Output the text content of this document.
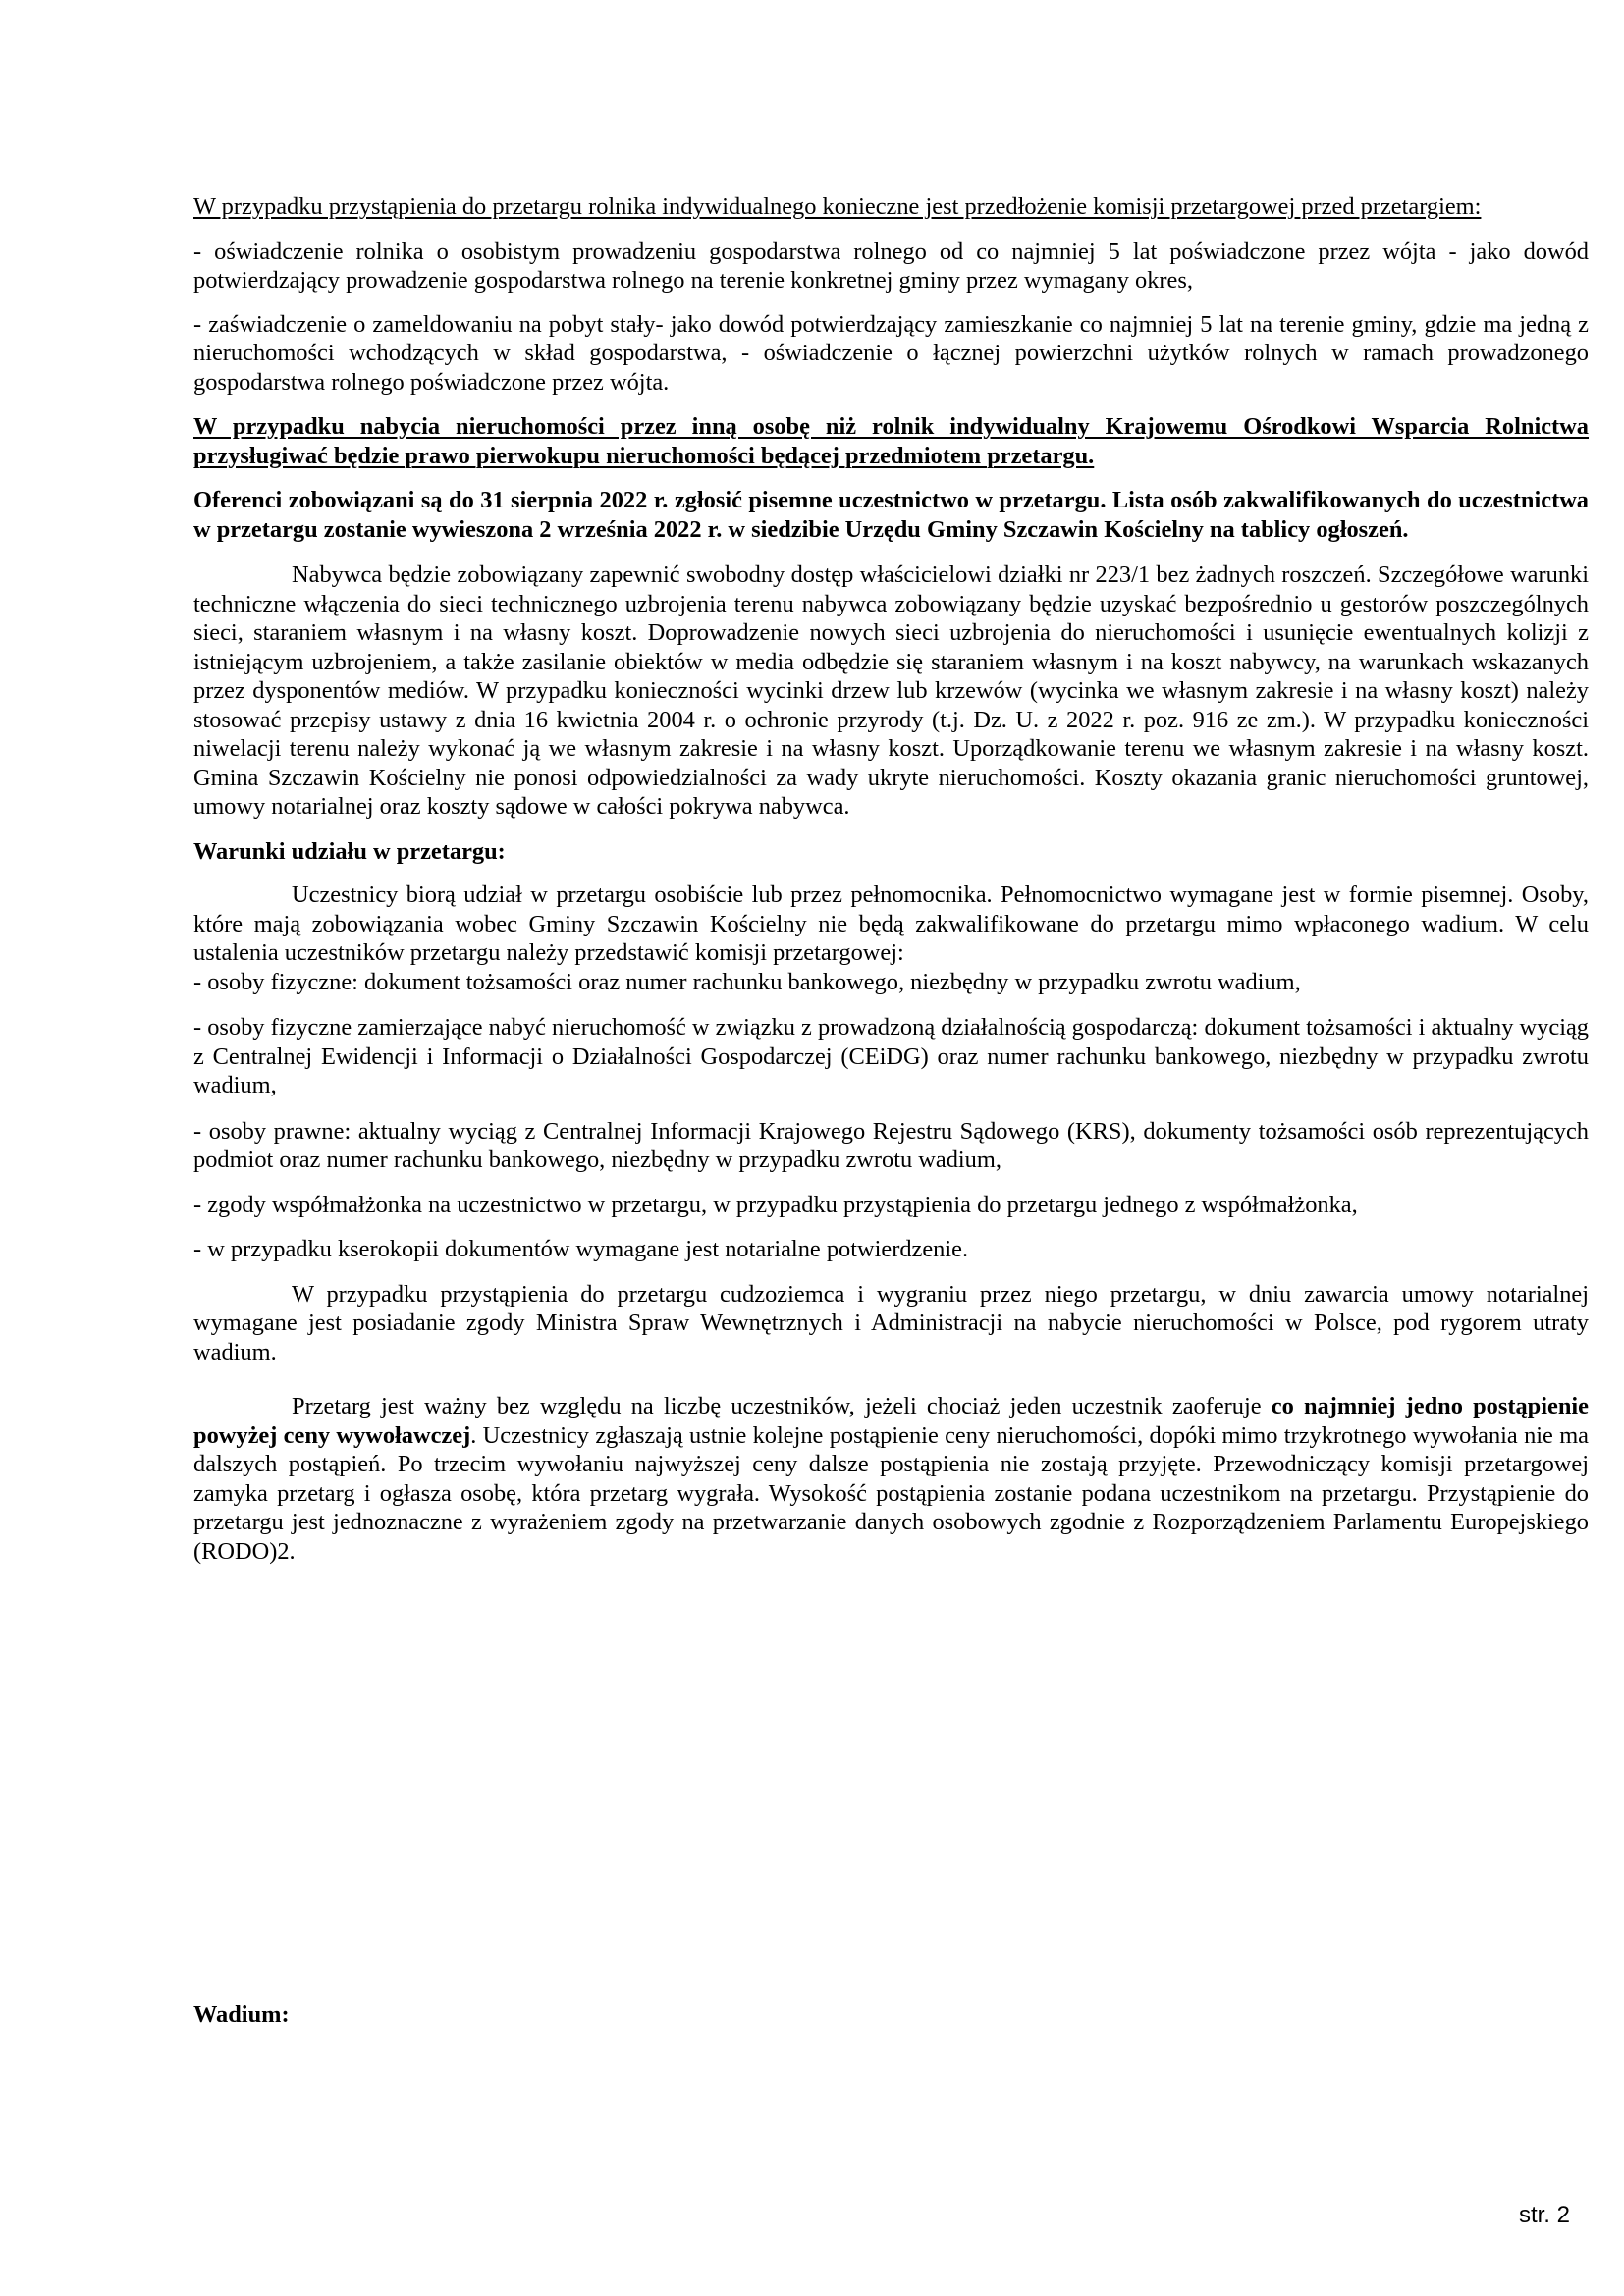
W przypadku przystąpienia do przetargu rolnika indywidualnego konieczne jest przedłożenie komisji przetargowej przed przetargiem:

- oświadczenie rolnika o osobistym prowadzeniu gospodarstwa rolnego od co najmniej 5 lat poświadczone przez wójta - jako dowód potwierdzający prowadzenie gospodarstwa rolnego na terenie konkretnej gminy przez wymagany okres,

- zaświadczenie o zameldowaniu na pobyt stały- jako dowód potwierdzający zamieszkanie co najmniej 5 lat na terenie gminy, gdzie ma jedną z nieruchomości wchodzących w skład gospodarstwa, - oświadczenie o łącznej powierzchni użytków rolnych w ramach prowadzonego gospodarstwa rolnego poświadczone przez wójta.

W przypadku nabycia nieruchomości przez inną osobę niż rolnik indywidualny Krajowemu Ośrodkowi Wsparcia Rolnictwa przysługiwać będzie prawo pierwokupu nieruchomości będącej przedmiotem przetargu.

Oferenci zobowiązani są do 31 sierpnia 2022 r. zgłosić pisemne uczestnictwo w przetargu. Lista osób zakwalifikowanych do uczestnictwa w przetargu zostanie wywieszona 2 września 2022 r. w siedzibie Urzędu Gminy Szczawin Kościelny na tablicy ogłoszeń.

Nabywca będzie zobowiązany zapewnić swobodny dostęp właścicielowi działki nr 223/1 bez żadnych roszczeń. Szczegółowe warunki techniczne włączenia do sieci technicznego uzbrojenia terenu nabywca zobowiązany będzie uzyskać bezpośrednio u gestorów poszczególnych sieci, staraniem własnym i na własny koszt. Doprowadzenie nowych sieci uzbrojenia do nieruchomości i usunięcie ewentualnych kolizji z istniejącym uzbrojeniem, a także zasilanie obiektów w media odbędzie się staraniem własnym i na koszt nabywcy, na warunkach wskazanych przez dysponentów mediów. W przypadku konieczności wycinki drzew lub krzewów (wycinka we własnym zakresie i na własny koszt) należy stosować przepisy ustawy z dnia 16 kwietnia 2004 r. o ochronie przyrody (t.j. Dz. U. z 2022 r. poz. 916 ze zm.). W przypadku konieczności niwelacji terenu należy wykonać ją we własnym zakresie i na własny koszt. Uporządkowanie terenu we własnym zakresie i na własny koszt. Gmina Szczawin Kościelny nie ponosi odpowiedzialności za wady ukryte nieruchomości. Koszty okazania granic nieruchomości gruntowej, umowy notarialnej oraz koszty sądowe w całości pokrywa nabywca.

Warunki udziału w przetargu:

Uczestnicy biorą udział w przetargu osobiście lub przez pełnomocnika. Pełnomocnictwo wymagane jest w formie pisemnej. Osoby, które mają zobowiązania wobec Gminy Szczawin Kościelny nie będą zakwalifikowane do przetargu mimo wpłaconego wadium. W celu ustalenia uczestników przetargu należy przedstawić komisji przetargowej:

- osoby fizyczne: dokument tożsamości oraz numer rachunku bankowego, niezbędny w przypadku zwrotu wadium,

- osoby fizyczne zamierzające nabyć nieruchomość w związku z prowadzoną działalnością gospodarczą: dokument tożsamości i aktualny wyciąg z Centralnej Ewidencji i Informacji o Działalności Gospodarczej (CEiDG) oraz numer rachunku bankowego, niezbędny w przypadku zwrotu wadium,

- osoby prawne: aktualny wyciąg z Centralnej Informacji Krajowego Rejestru Sądowego (KRS), dokumenty tożsamości osób reprezentujących podmiot oraz numer rachunku bankowego, niezbędny w przypadku zwrotu wadium,

- zgody współmałżonka na uczestnictwo w przetargu, w przypadku przystąpienia do przetargu jednego z współmałżonka,

- w przypadku kserokopii dokumentów wymagane jest notarialne potwierdzenie.

W przypadku przystąpienia do przetargu cudzoziemca i wygraniu przez niego przetargu, w dniu zawarcia umowy notarialnej wymagane jest posiadanie zgody Ministra Spraw Wewnętrznych i Administracji na nabycie nieruchomości w Polsce, pod rygorem utraty wadium.

Przetarg jest ważny bez względu na liczbę uczestników, jeżeli chociaż jeden uczestnik zaoferuje co najmniej jedno postąpienie powyżej ceny wywoławczej. Uczestnicy zgłaszają ustnie kolejne postąpienie ceny nieruchomości, dopóki mimo trzykrotnego wywołania nie ma dalszych postąpień. Po trzecim wywołaniu najwyższej ceny dalsze postąpienia nie zostają przyjęte. Przewodniczący komisji przetargowej zamyka przetarg i ogłasza osobę, która przetarg wygrała. Wysokość postąpienia zostanie podana uczestnikom na przetargu. Przystąpienie do przetargu jest jednoznaczne z wyrażeniem zgody na przetwarzanie danych osobowych zgodnie z Rozporządzeniem Parlamentu Europejskiego (RODO)2.

Wadium:
str. 2
